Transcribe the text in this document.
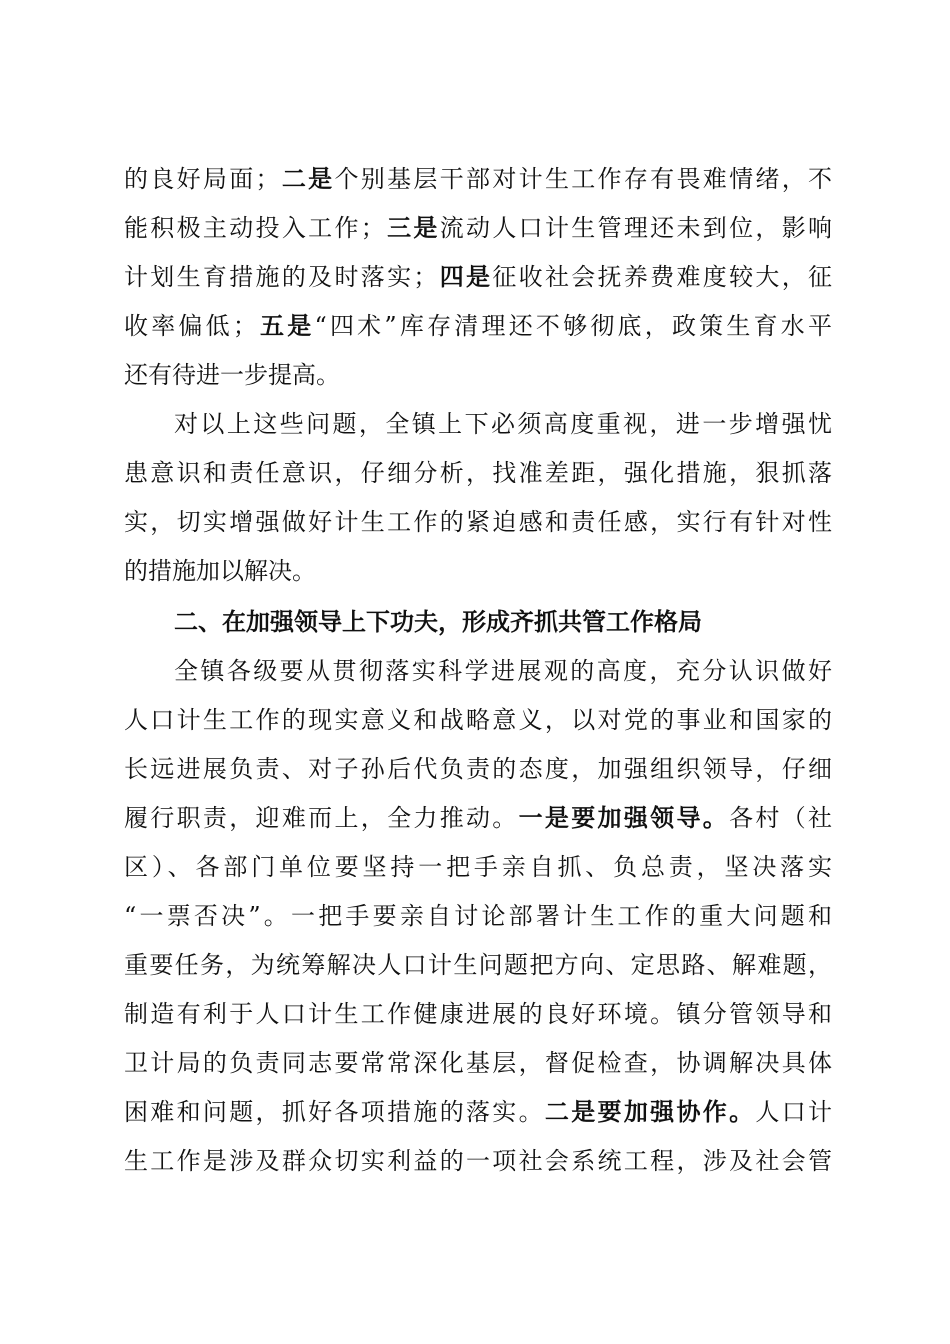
的良好局面；二是个别基层干部对计生工作存有畏难情绪，不
能积极主动投入工作；三是流动人口计生管理还未到位，影响
计划生育措施的及时落实；四是征收社会抚养费难度较大，征
收率偏低；五是“四术”库存清理还不够彻底，政策生育水平
还有待进一步提高。
对以上这些问题，全镇上下必须高度重视，进一步增强忧
患意识和责任意识，仔细分析，找准差距，强化措施，狠抓落
实，切实增强做好计生工作的紧迫感和责任感，实行有针对性
的措施加以解决。
二、在加强领导上下功夫，形成齐抓共管工作格局
全镇各级要从贯彻落实科学进展观的高度，充分认识做好
人口计生工作的现实意义和战略意义，以对党的事业和国家的
长远进展负责、对子孙后代负责的态度，加强组织领导，仔细
履行职责，迎难而上，全力推动。一是要加强领导。各村（社
区）、各部门单位要坚持一把手亲自抓、负总责，坚决落实
“一票否决”。一把手要亲自讨论部署计生工作的重大问题和
重要任务，为统筹解决人口计生问题把方向、定思路、解难题，
制造有利于人口计生工作健康进展的良好环境。镇分管领导和
卫计局的负责同志要常常深化基层，督促检查，协调解决具体
困难和问题，抓好各项措施的落实。二是要加强协作。人口计
生工作是涉及群众切实利益的一项社会系统工程，涉及社会管
